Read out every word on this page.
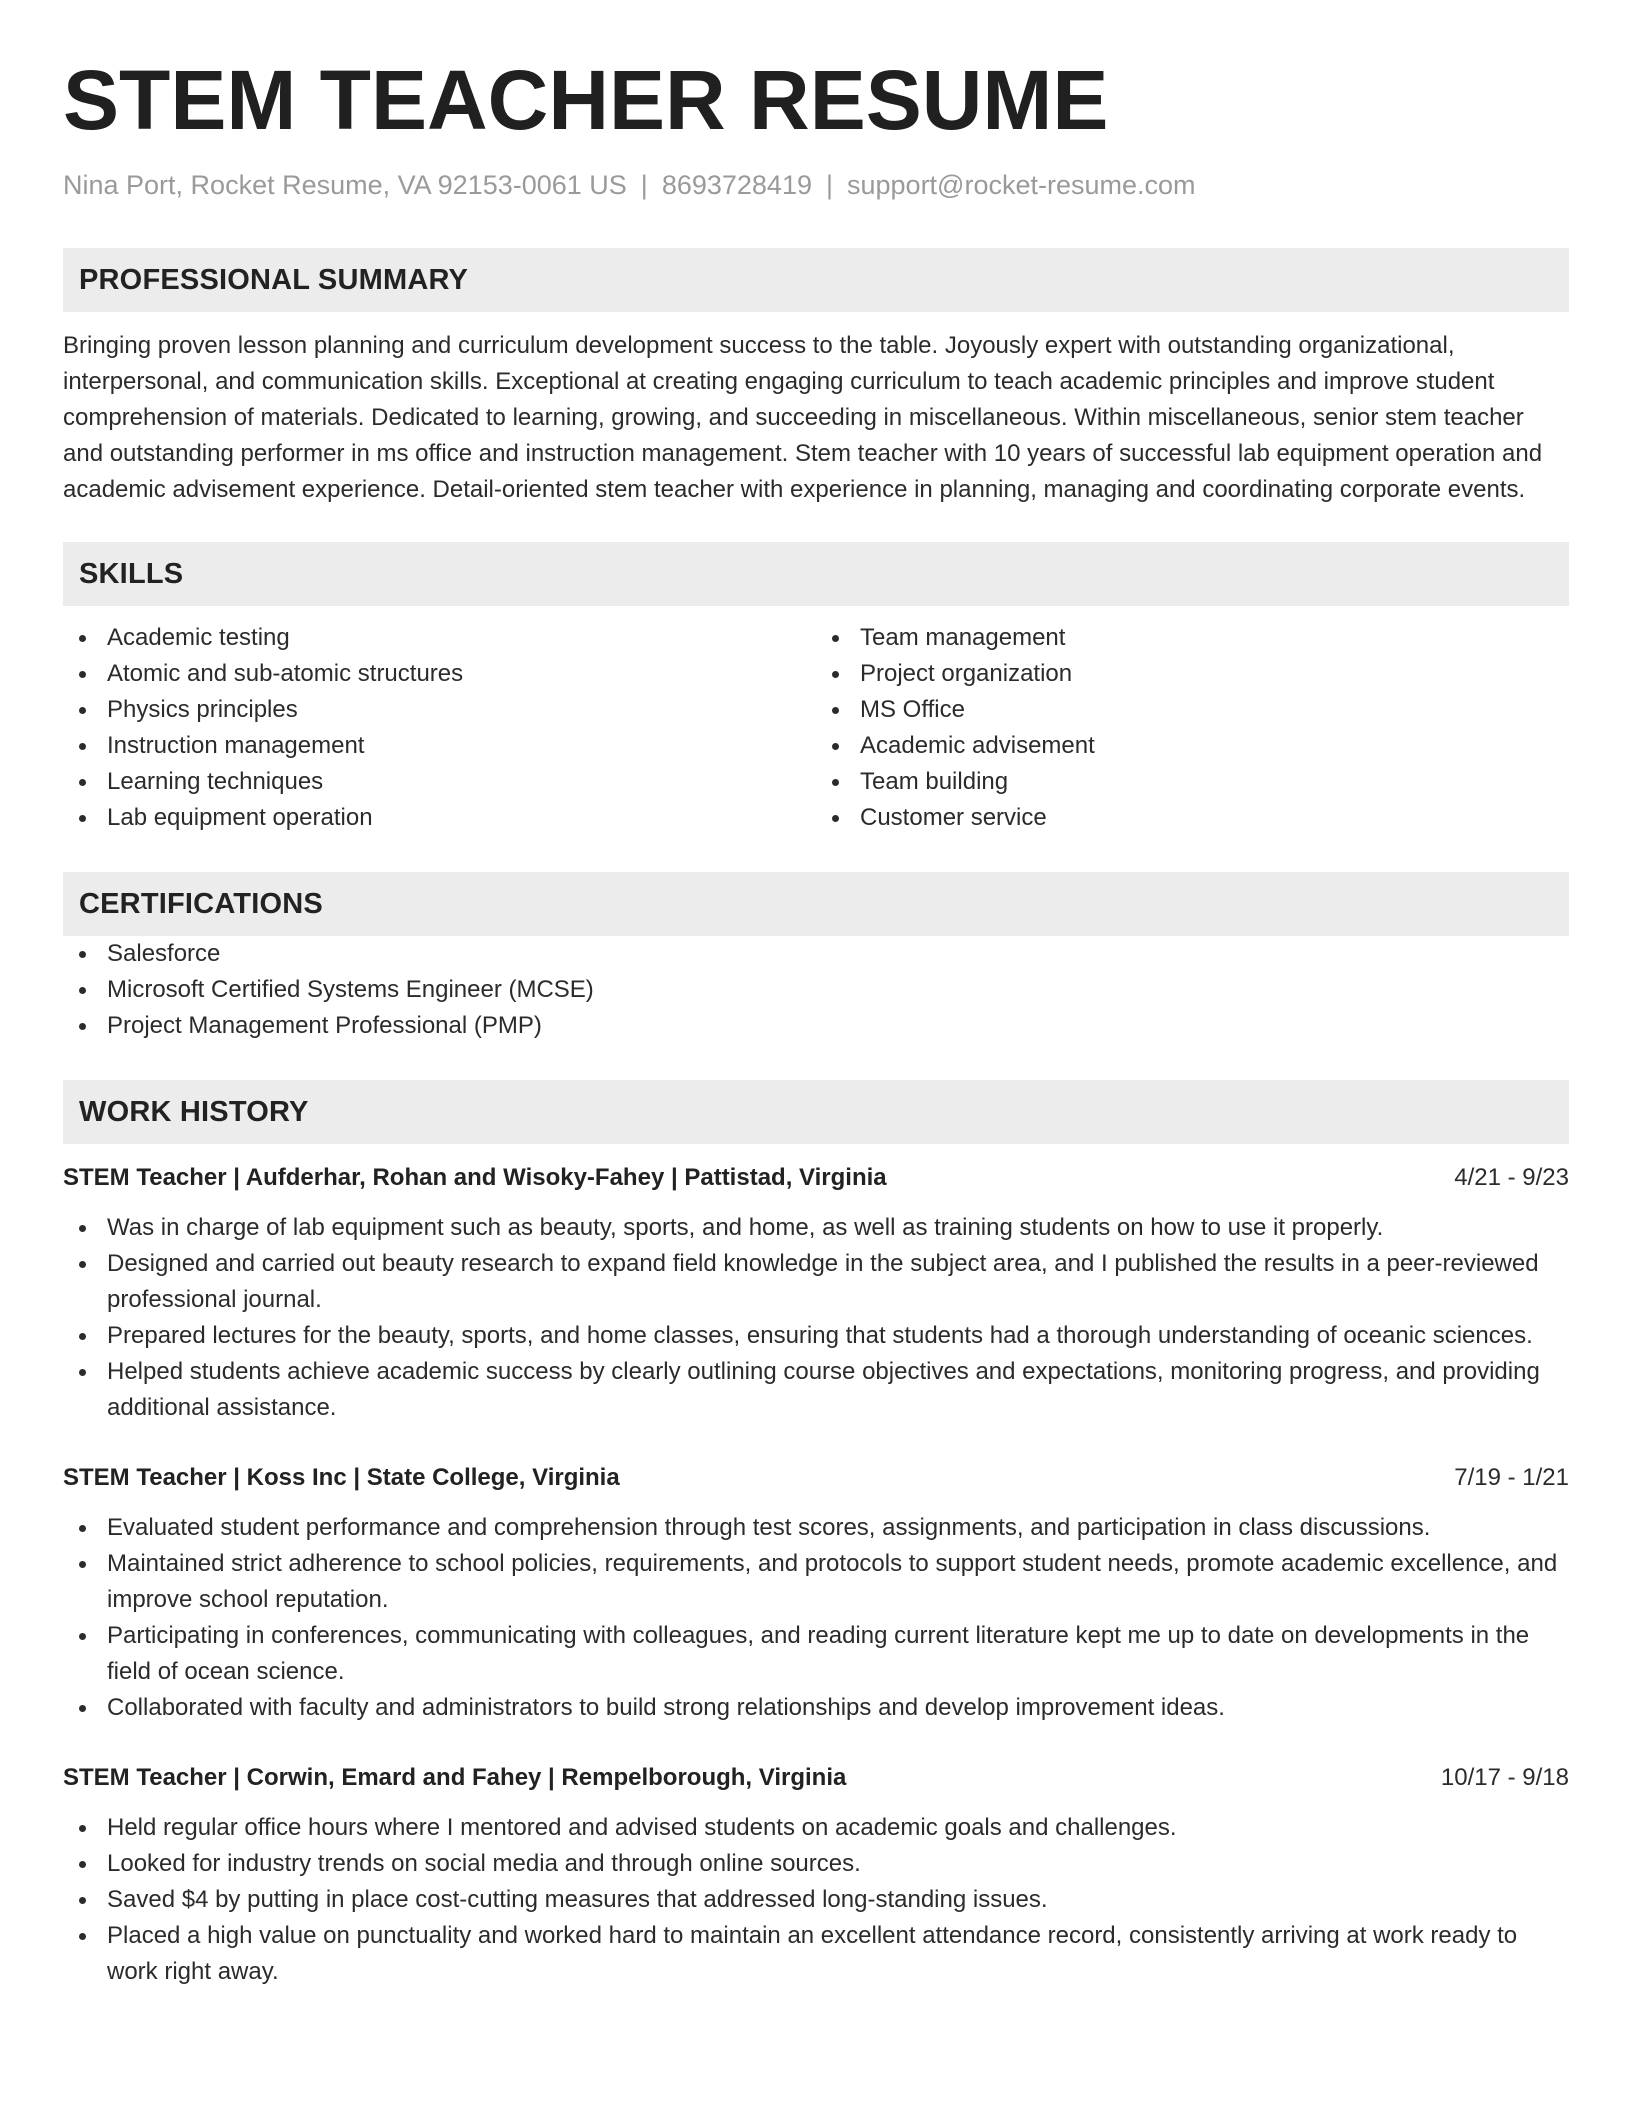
STEM TEACHER RESUME
Nina Port, Rocket Resume, VA 92153-0061 US | 8693728419 | support@rocket-resume.com
PROFESSIONAL SUMMARY
Bringing proven lesson planning and curriculum development success to the table. Joyously expert with outstanding organizational, interpersonal, and communication skills. Exceptional at creating engaging curriculum to teach academic principles and improve student comprehension of materials. Dedicated to learning, growing, and succeeding in miscellaneous. Within miscellaneous, senior stem teacher and outstanding performer in ms office and instruction management. Stem teacher with 10 years of successful lab equipment operation and academic advisement experience. Detail-oriented stem teacher with experience in planning, managing and coordinating corporate events.
SKILLS
Academic testing
Atomic and sub-atomic structures
Physics principles
Instruction management
Learning techniques
Lab equipment operation
Team management
Project organization
MS Office
Academic advisement
Team building
Customer service
CERTIFICATIONS
Salesforce
Microsoft Certified Systems Engineer (MCSE)
Project Management Professional (PMP)
WORK HISTORY
STEM Teacher | Aufderhar, Rohan and Wisoky-Fahey | Pattistad, Virginia	4/21 - 9/23
Was in charge of lab equipment such as beauty, sports, and home, as well as training students on how to use it properly.
Designed and carried out beauty research to expand field knowledge in the subject area, and I published the results in a peer-reviewed professional journal.
Prepared lectures for the beauty, sports, and home classes, ensuring that students had a thorough understanding of oceanic sciences.
Helped students achieve academic success by clearly outlining course objectives and expectations, monitoring progress, and providing additional assistance.
STEM Teacher | Koss Inc | State College, Virginia	7/19 - 1/21
Evaluated student performance and comprehension through test scores, assignments, and participation in class discussions.
Maintained strict adherence to school policies, requirements, and protocols to support student needs, promote academic excellence, and improve school reputation.
Participating in conferences, communicating with colleagues, and reading current literature kept me up to date on developments in the field of ocean science.
Collaborated with faculty and administrators to build strong relationships and develop improvement ideas.
STEM Teacher | Corwin, Emard and Fahey | Rempelborough, Virginia	10/17 - 9/18
Held regular office hours where I mentored and advised students on academic goals and challenges.
Looked for industry trends on social media and through online sources.
Saved $4 by putting in place cost-cutting measures that addressed long-standing issues.
Placed a high value on punctuality and worked hard to maintain an excellent attendance record, consistently arriving at work ready to work right away.
